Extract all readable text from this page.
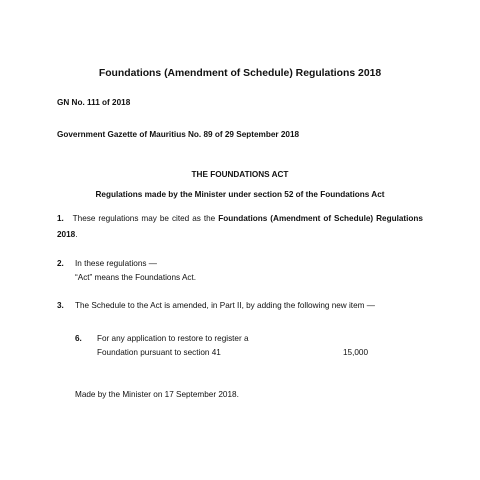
Foundations (Amendment of Schedule) Regulations 2018
GN No. 111 of 2018
Government Gazette of Mauritius No. 89 of 29 September 2018
THE FOUNDATIONS ACT
Regulations made by the Minister under section 52 of the Foundations Act
1. These regulations may be cited as the Foundations (Amendment of Schedule) Regulations 2018.
2. In these regulations —
“Act” means the Foundations Act.
3. The Schedule to the Act is amended, in Part II, by adding the following new item —
6. For any application to restore to register a
Foundation pursuant to section 41	15,000
Made by the Minister on 17 September 2018.
